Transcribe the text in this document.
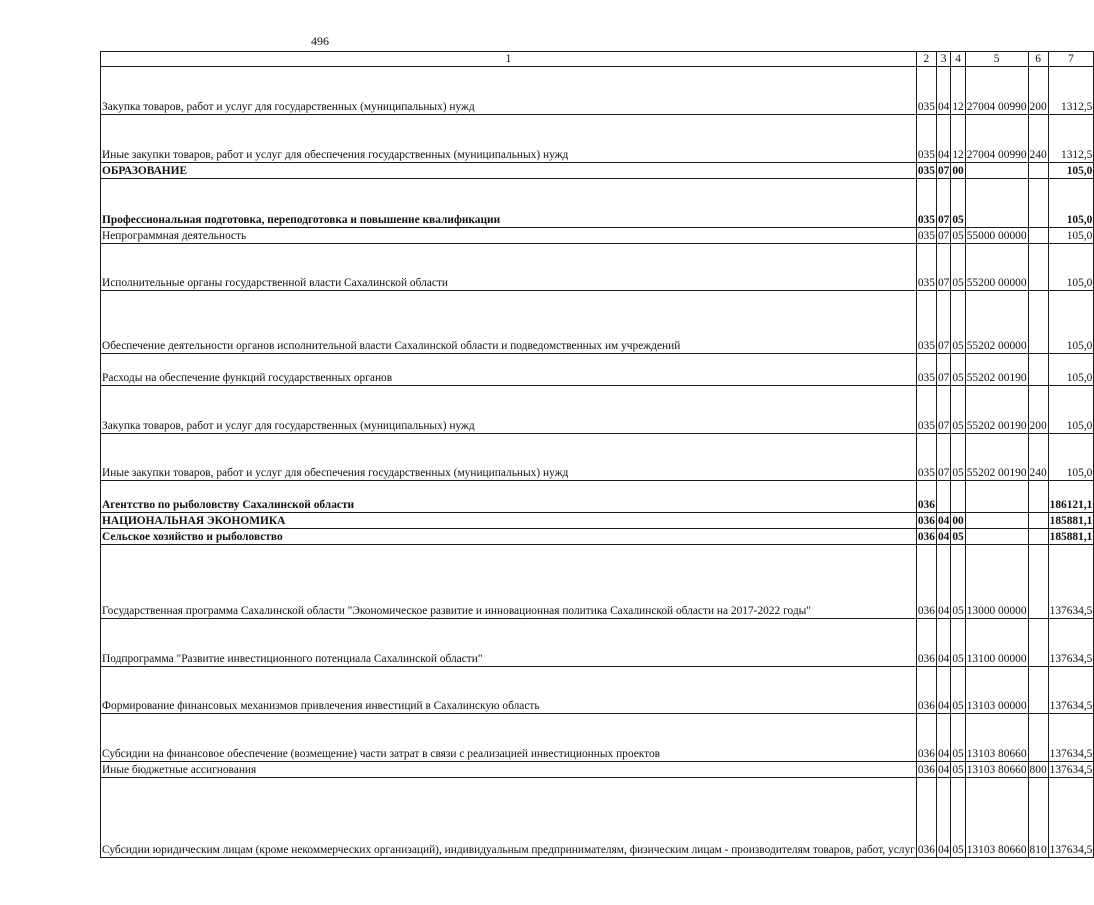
496
1	2	3	4	5	6	7
Закупка товаров, работ и услуг для государственных (муниципальных) нужд	035	04	12	27004 00990	200	1312,5
Иные закупки товаров, работ и услуг для обеспечения государственных (муниципальных) нужд	035	04	12	27004 00990	240	1312,5
ОБРАЗОВАНИЕ	035	07	00			105,0
Профессиональная подготовка, переподготовка и повышение квалификации	035	07	05			105,0
Непрограммная деятельность	035	07	05	55000 00000		105,0
Исполнительные органы государственной власти Сахалинской области	035	07	05	55200 00000		105,0
Обеспечение деятельности органов исполнительной власти Сахалинской области и подведомственных им учреждений	035	07	05	55202 00000		105,0
Расходы на обеспечение функций государственных органов	035	07	05	55202 00190		105,0
Закупка товаров, работ и услуг для государственных (муниципальных) нужд	035	07	05	55202 00190	200	105,0
Иные закупки товаров, работ и услуг для обеспечения государственных (муниципальных) нужд	035	07	05	55202 00190	240	105,0
Агентство по рыболовству Сахалинской области	036					186121,1
НАЦИОНАЛЬНАЯ ЭКОНОМИКА	036	04	00			185881,1
Сельское хозяйство и рыболовство	036	04	05			185881,1
Государственная программа Сахалинской области "Экономическое развитие и инновационная политика Сахалинской области на 2017-2022 годы"	036	04	05	13000 00000		137634,5
Подпрограмма "Развитие инвестиционного потенциала Сахалинской области"	036	04	05	13100 00000		137634,5
Формирование финансовых механизмов привлечения инвестиций в Сахалинскую область	036	04	05	13103 00000		137634,5
Субсидии на финансовое обеспечение (возмещение) части затрат в связи с реализацией инвестиционных проектов	036	04	05	13103 80660		137634,5
Иные бюджетные ассигнования	036	04	05	13103 80660	800	137634,5
Субсидии юридическим лицам (кроме некоммерческих организаций), индивидуальным предпринимателям, физическим лицам - производителям товаров, работ, услуг	036	04	05	13103 80660	810	137634,5
